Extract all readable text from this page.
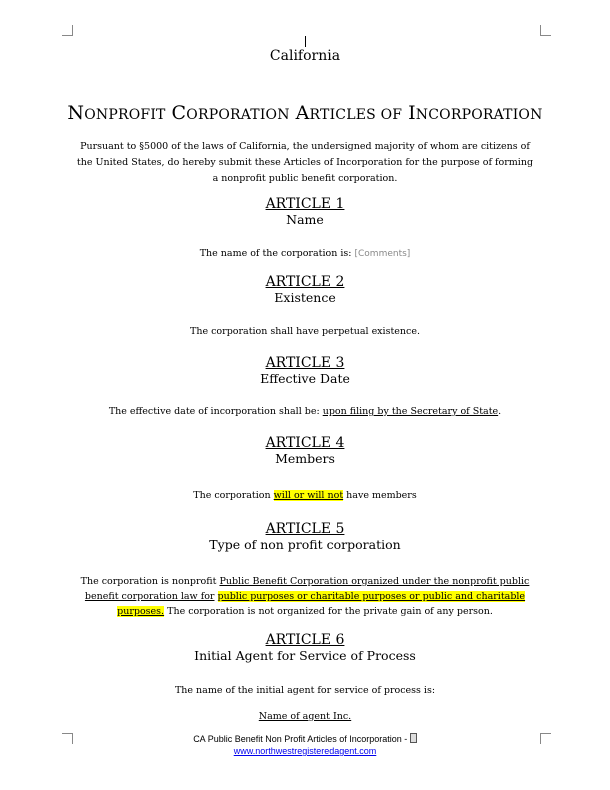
California
NONPROFIT CORPORATION ARTICLES OF INCORPORATION
Pursuant to §5000 of the laws of California, the undersigned majority of whom are citizens of the United States, do hereby submit these Articles of Incorporation for the purpose of forming a nonprofit public benefit corporation.
ARTICLE 1
Name
The name of the corporation is: [Comments]
ARTICLE 2
Existence
The corporation shall have perpetual existence.
ARTICLE 3
Effective Date
The effective date of incorporation shall be: upon filing by the Secretary of State.
ARTICLE 4
Members
The corporation will or will not have members
ARTICLE 5
Type of non profit corporation
The corporation is nonprofit Public Benefit Corporation organized under the nonprofit public benefit corporation law for public purposes or charitable purposes or public and charitable purposes. The corporation is not organized for the private gain of any person.
ARTICLE 6
Initial Agent for Service of Process
The name of the initial agent for service of process is:
Name of agent Inc.
CA Public Benefit Non Profit Articles of Incorporation -
www.northwestregisteredagent.com
